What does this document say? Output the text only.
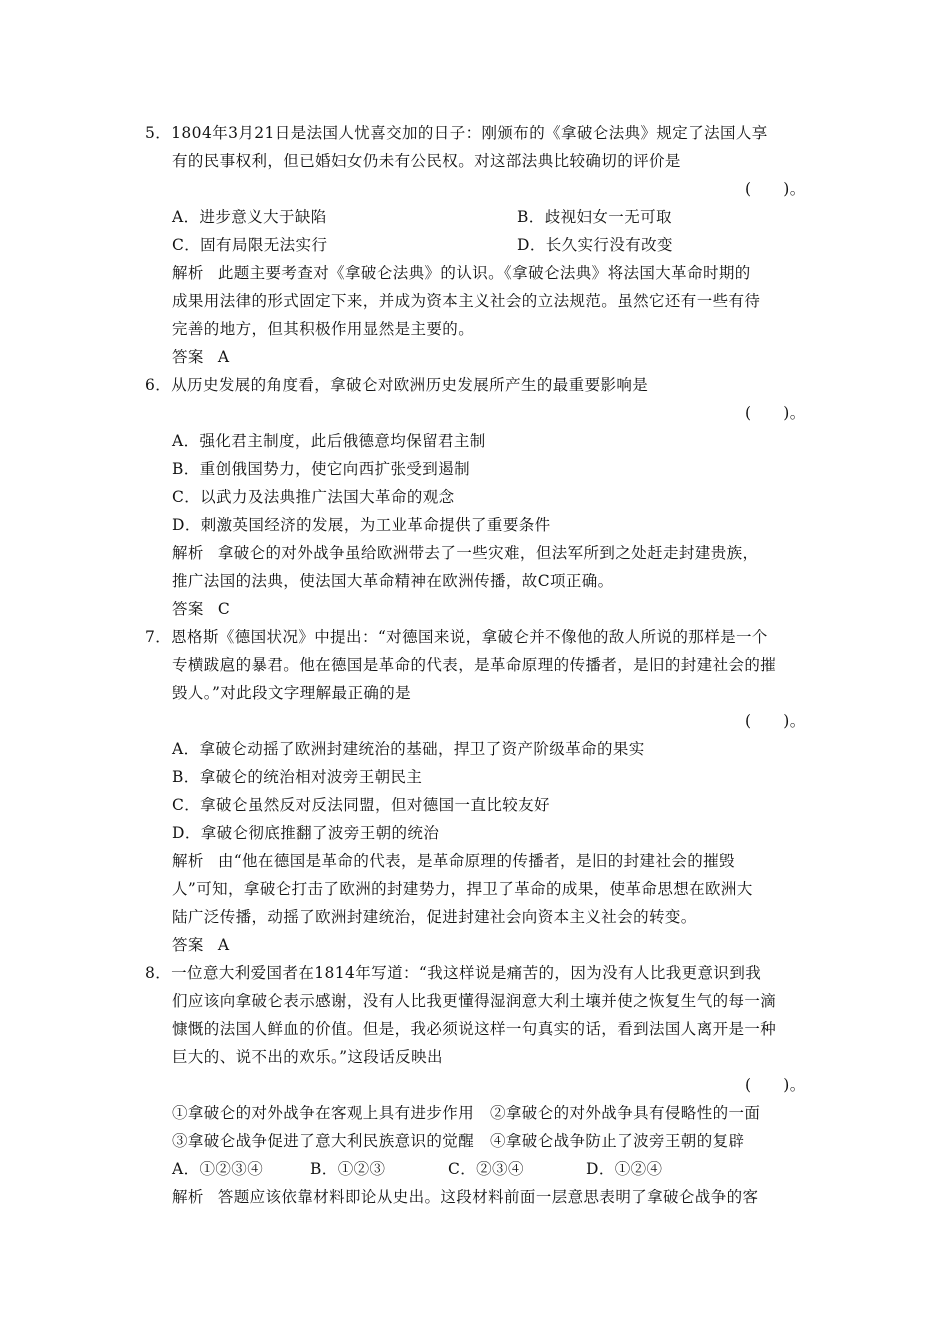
5．1804年3月21日是法国人忧喜交加的日子：刚颁布的《拿破仑法典》规定了法国人享
有的民事权利，但已婚妇女仍未有公民权。对这部法典比较确切的评价是
(　　)。
A．进步意义大于缺陷	B．歧视妇女一无可取
C．固有局限无法实行	D．长久实行没有改变
解析 此题主要考查对《拿破仑法典》的认识。《拿破仑法典》将法国大革命时期的
成果用法律的形式固定下来，并成为资本主义社会的立法规范。虽然它还有一些有待
完善的地方，但其积极作用显然是主要的。
答案 A
6．从历史发展的角度看，拿破仑对欧洲历史发展所产生的最重要影响是
(　　)。
A．强化君主制度，此后俄德意均保留君主制
B．重创俄国势力，使它向西扩张受到遏制
C．以武力及法典推广法国大革命的观念
D．刺激英国经济的发展，为工业革命提供了重要条件
解析 拿破仑的对外战争虽给欧洲带去了一些灾难，但法军所到之处赶走封建贵族，
推广法国的法典，使法国大革命精神在欧洲传播，故C项正确。
答案 C
7．恩格斯《德国状况》中提出：“对德国来说，拿破仑并不像他的敌人所说的那样是一个
专横跋扈的暴君。他在德国是革命的代表，是革命原理的传播者，是旧的封建社会的摧
毁人。”对此段文字理解最正确的是
(　　)。
A．拿破仑动摇了欧洲封建统治的基础，捍卫了资产阶级革命的果实
B．拿破仑的统治相对波旁王朝民主
C．拿破仑虽然反对反法同盟，但对德国一直比较友好
D．拿破仑彻底推翻了波旁王朝的统治
解析 由“他在德国是革命的代表，是革命原理的传播者，是旧的封建社会的摧毁
人”可知，拿破仑打击了欧洲的封建势力，捍卫了革命的成果，使革命思想在欧洲大
陆广泛传播，动摇了欧洲封建统治，促进封建社会向资本主义社会的转变。
答案 A
8．一位意大利爱国者在1814年写道：“我这样说是痛苦的，因为没有人比我更意识到我
们应该向拿破仑表示感谢，没有人比我更懂得湿润意大利土壤并使之恢复生气的每一滴
慷慨的法国人鲜血的价值。但是，我必须说这样一句真实的话，看到法国人离开是一种
巨大的、说不出的欢乐。”这段话反映出
(　　)。
①拿破仑的对外战争在客观上具有进步作用　②拿破仑的对外战争具有侵略性的一面
③拿破仑战争促进了意大利民族意识的觉醒　④拿破仑战争防止了波旁王朝的复辟
A．①②③④	B．①②③	C．②③④	D．①②④
解析 答题应该依靠材料即论从史出。这段材料前面一层意思表明了拿破仑战争的客
